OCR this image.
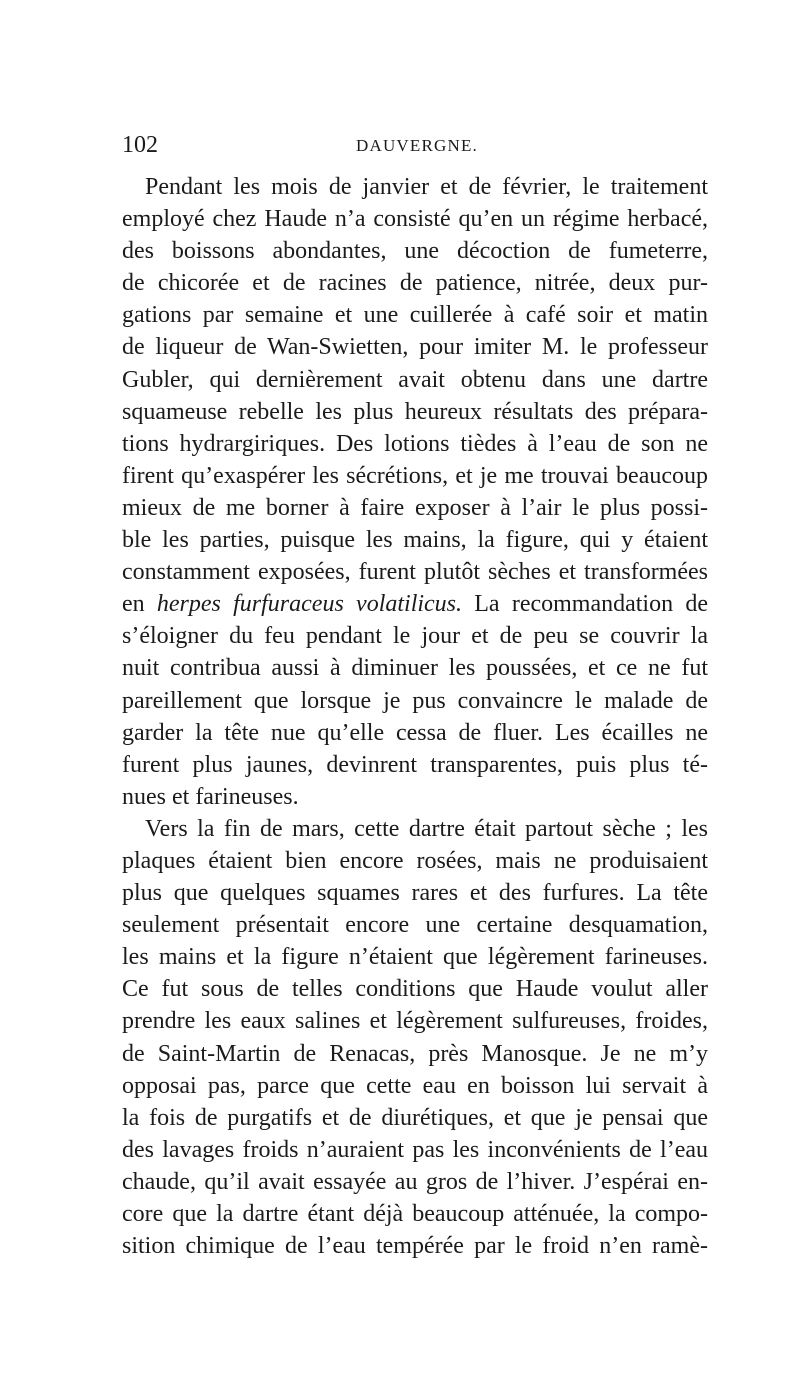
102	DAUVERGNE.
Pendant les mois de janvier et de février, le traitement
employé chez Haude n’a consisté qu’en un régime herbacé,
des boissons abondantes, une décoction de fumeterre,
de chicorée et de racines de patience, nitrée, deux pur-
gations par semaine et une cuillerée à café soir et matin
de liqueur de Wan-Swietten, pour imiter M. le professeur
Gubler, qui dernièrement avait obtenu dans une dartre
squameuse rebelle les plus heureux résultats des prépara-
tions hydrargiriques. Des lotions tièdes à l’eau de son ne
firent qu’exaspérer les sécrétions, et je me trouvai beaucoup
mieux de me borner à faire exposer à l’air le plus possi-
ble les parties, puisque les mains, la figure, qui y étaient
constamment exposées, furent plutôt sèches et transformées
en herpes furfuraceus volatilicus. La recommandation de
s’éloigner du feu pendant le jour et de peu se couvrir la
nuit contribua aussi à diminuer les poussées, et ce ne fut
pareillement que lorsque je pus convaincre le malade de
garder la tête nue qu’elle cessa de fluer. Les écailles ne
furent plus jaunes, devinrent transparentes, puis plus té-
nues et farineuses.
Vers la fin de mars, cette dartre était partout sèche ; les
plaques étaient bien encore rosées, mais ne produisaient
plus que quelques squames rares et des furfures. La tête
seulement présentait encore une certaine desquamation,
les mains et la figure n’étaient que légèrement farineuses.
Ce fut sous de telles conditions que Haude voulut aller
prendre les eaux salines et légèrement sulfureuses, froides,
de Saint-Martin de Renacas, près Manosque. Je ne m’y
opposai pas, parce que cette eau en boisson lui servait à
la fois de purgatifs et de diurétiques, et que je pensai que
des lavages froids n’auraient pas les inconvénients de l’eau
chaude, qu’il avait essayée au gros de l’hiver. J’espérai en-
core que la dartre étant déjà beaucoup atténuée, la compo-
sition chimique de l’eau tempérée par le froid n’en ramè-
